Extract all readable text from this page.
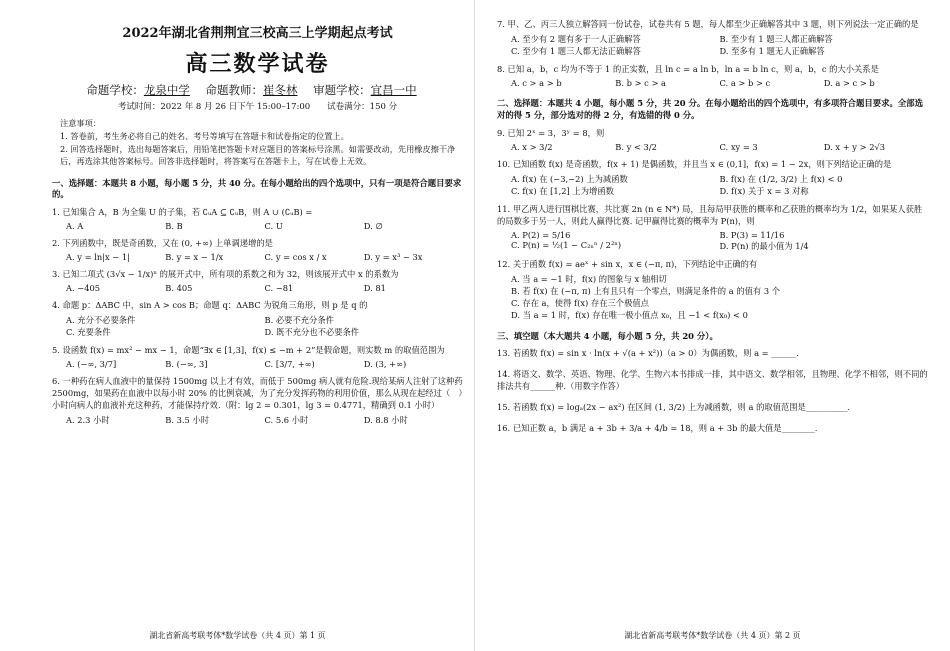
2022年湖北省荆荆宜三校高三上学期起点考试
高三数学试卷
命题学校：龙泉中学 命题教师：崔冬林 审题学校：宜昌一中
考试时间：2022 年 8 月 26 日下午 15:00–17:00　　试卷满分：150 分
注意事项：
1. 答卷前，考生务必将自己的姓名、考号等填写在答题卡和试卷指定的位置上。
2. 回答选择题时，选出每题答案后，用铅笔把答题卡对应题目的答案标号涂黑。如需要改动，先用橡皮擦干净后，再选涂其他答案标号。回答非选择题时，将答案写在答题卡上，写在试卷上无效。
一、选择题：本题共 8 小题，每小题 5 分，共 40 分。在每小题给出的四个选项中，只有一项是符合题目要求的。
1. 已知集合 A，B 为全集 U 的子集，若 ∁ᵤA ⊆ ∁ᵤB，则 A ∪ (∁ᵤB) =
A. A	B. B	C. U	D. ∅
2. 下列函数中，既是奇函数，又在 (0, +∞) 上单调递增的是
A. y = ln|x − 1|	B. y = x − 1/x	C. y = cos x / x	D. y = x³ − 3x
3. 已知二项式 (3√x − 1/x)ⁿ 的展开式中，所有项的系数之和为 32，则该展开式中 x 的系数为
A. −405	B. 405	C. −81	D. 81
4. 命题 p：ΔABC 中，sin A > cos B；命题 q：ΔABC 为锐角三角形，则 p 是 q 的
A. 充分不必要条件	B. 必要不充分条件
C. 充要条件	D. 既不充分也不必要条件
5. 设函数 f(x) = mx² − mx − 1，命题“∃x ∈ [1,3]，f(x) ≤ −m + 2”是假命题，则实数 m 的取值范围为
A. (−∞, 3/7]	B. (−∞, 3]	C. [3/7, +∞)	D. (3, +∞)
6. 一种药在病人血液中的量保持 1500mg 以上才有效，而低于 500mg 病人就有危险.现给某病人注射了这种药 2500mg，如果药在血液中以每小时 20% 的比例衰减，为了充分发挥药物的利用价值，那么从现在起经过（　）小时向病人的血液补充这种药，才能保持疗效.（附：lg 2 = 0.301，lg 3 = 0.4771，精确到 0.1 小时）
A. 2.3 小时	B. 3.5 小时	C. 5.6 小时	D. 8.8 小时
湖北省新高考联考体*数学试卷（共 4 页）第 1 页
7. 甲、乙、丙三人独立解答同一份试卷，试卷共有 5 题，每人都至少正确解答其中 3 题，则下列说法一定正确的是
A. 至少有 2 题有多于一人正确解答	B. 至少有 1 题三人都正确解答
C. 至少有 1 题三人都无法正确解答	D. 至多有 1 题无人正确解答
8. 已知 a，b，c 均为不等于 1 的正实数，且 ln c = a ln b，ln a = b ln c，则 a，b，c 的大小关系是
A. c > a > b	B. b > c > a	C. a > b > c	D. a > c > b
二、选择题：本题共 4 小题，每小题 5 分，共 20 分。在每小题给出的四个选项中，有多项符合题目要求。全部选对的得 5 分，部分选对的得 2 分，有选错的得 0 分。
9. 已知 2ˣ = 3，3ʸ = 8，则
A. x > 3/2	B. y < 3/2	C. xy = 3	D. x + y > 2√3
10. 已知函数 f(x) 是奇函数，f(x + 1) 是偶函数，并且当 x ∈ (0,1]，f(x) = 1 − 2x，则下列结论正确的是
A. f(x) 在 (−3,−2) 上为减函数	B. f(x) 在 (1/2, 3/2) 上 f(x) < 0
C. f(x) 在 [1,2] 上为增函数	D. f(x) 关于 x = 3 对称
11. 甲乙两人进行围棋比赛，共比赛 2n (n ∈ N*) 局，且每局甲获胜的概率和乙获胜的概率均为 1/2，如果某人获胜的局数多于另一人，则此人赢得比赛. 记甲赢得比赛的概率为 P(n)，则
A. P(2) = 5/16	B. P(3) = 11/16
C. P(n) = ½(1 − C₂ₙⁿ / 2²ⁿ)	D. P(n) 的最小值为 1/4
12. 关于函数 f(x) = aeˣ + sin x，x ∈ (−π, π)，下列结论中正确的有
A. 当 a = −1 时，f(x) 的图象与 x 轴相切
B. 若 f(x) 在 (−π, π) 上有且只有一个零点，则满足条件的 a 的值有 3 个
C. 存在 a，使得 f(x) 存在三个极值点
D. 当 a = 1 时，f(x) 存在唯一极小值点 x₀，且 −1 < f(x₀) < 0
三、填空题（本大题共 4 小题，每小题 5 分，共 20 分）。
13. 若函数 f(x) = sin x · ln(x + √(a + x²))（a > 0）为偶函数，则 a = ______.
14. 将语文、数学、英语、物理、化学、生物六本书排成一排，其中语文、数学相邻，且物理、化学不相邻，则不同的排法共有______种.（用数字作答）
15. 若函数 f(x) = logₐ(2x − ax²) 在区间 (1, 3/2) 上为减函数，则 a 的取值范围是__________.
16. 已知正数 a，b 满足 a + 3b + 3/a + 4/b = 18，则 a + 3b 的最大值是________.
湖北省新高考联考体*数学试卷（共 4 页）第 2 页
